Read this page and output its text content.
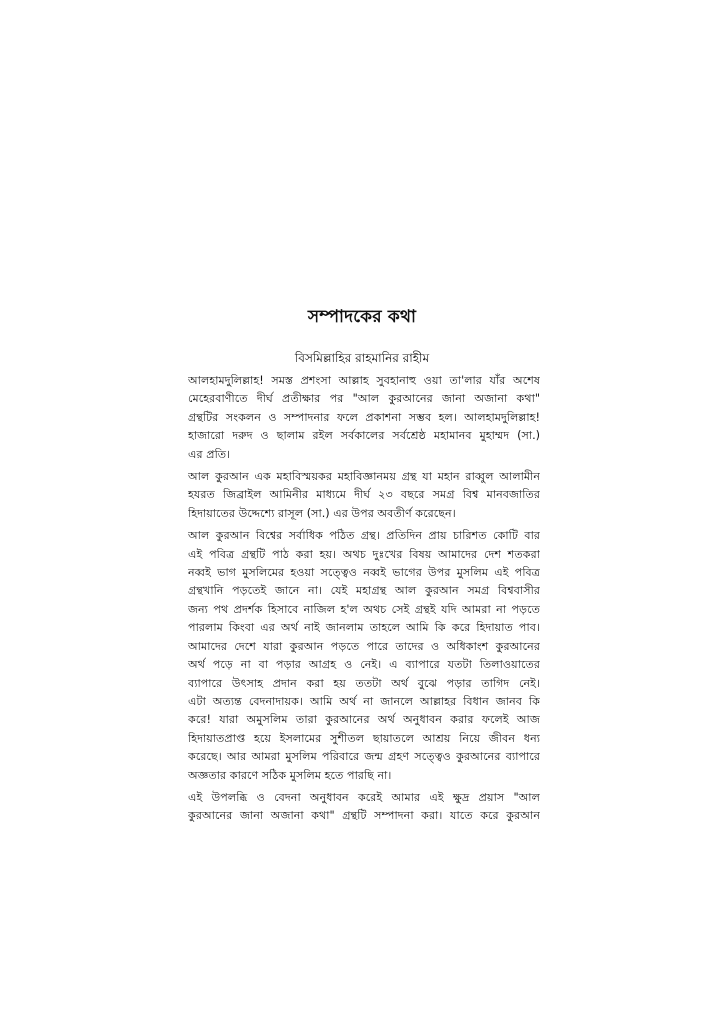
সম্পাদকের কথা
বিসমিল্লাহির রাহমানির রাহীম

আলহামদুলিল্লাহ! সমস্ত প্রশংসা আল্লাহ সুবহানাহু ওয়া তা'লার যাঁর অশেষ
মেহেরবাণীতে দীর্ঘ প্রতীক্ষার পর "আল কুরআনের জানা অজানা কথা"
গ্রন্থটির সংকলন ও সম্পাদনার ফলে প্রকাশনা সম্ভব হল। আলহামদুলিল্লাহ!
হাজারো দরুদ ও ছালাম রইল সর্বকালের সর্বশ্রেষ্ঠ মহামানব মুহাম্মদ (সা.)
এর প্রতি।

আল কুরআন এক মহাবিস্ময়কর মহাবিজ্ঞানময় গ্রন্থ যা মহান রাব্বুল আলামীন
হযরত জিব্রাইল আমিনীর মাধ্যমে দীর্ঘ ২৩ বছরে সমগ্র বিশ্ব মানবজাতির
হিদায়াতের উদ্দেশ্যে রাসূল (সা.) এর উপর অবতীর্ণ করেছেন।

আল কুরআন বিশ্বের সর্বাধিক পঠিত গ্রন্থ। প্রতিদিন প্রায় চারিশত কোটি বার
এই পবিত্র গ্রন্থটি পাঠ করা হয়। অথচ দুঃখের বিষয় আমাদের দেশ শতকরা
নব্বই ভাগ মুসলিমের হওয়া সত্ত্বেও নব্বই ভাগের উপর মুসলিম এই পবিত্র
গ্রন্থখানি পড়তেই জানে না। যেই মহাগ্রন্থ আল কুরআন সমগ্র বিশ্ববাসীর
জন্য পথ প্রদর্শক হিসাবে নাজিল হ'ল অথচ সেই গ্রন্থই যদি আমরা না পড়তে
পারলাম কিংবা এর অর্থ নাই জানলাম তাহলে আমি কি করে হিদায়াত পাব।
আমাদের দেশে যারা কুরআন পড়তে পারে তাদের ও অধিকাংশ কুরআনের
অর্থ পড়ে না বা পড়ার আগ্রহ ও নেই। এ ব্যাপারে যতটা তিলাওয়াতের
ব্যাপারে উৎসাহ প্রদান করা হয় ততটা অর্থ বুঝে পড়ার তাগিদ নেই।
এটা অত্যন্ত বেদনাদায়ক। আমি অর্থ না জানলে আল্লাহর বিধান জানব কি
করে! যারা অমুসলিম তারা কুরআনের অর্থ অনুধাবন করার ফলেই আজ
হিদায়াতপ্রাপ্ত হয়ে ইসলামের সুশীতল ছায়াতলে আশ্রয় নিয়ে জীবন ধন্য
করেছে। আর আমরা মুসলিম পরিবারে জন্ম গ্রহণ সত্ত্বেও কুরআনের ব্যাপারে
অজ্ঞতার কারণে সঠিক মুসলিম হতে পারছি না।

এই উপলব্ধি ও বেদনা অনুধাবন করেই আমার এই ক্ষুদ্র প্রয়াস "আল
কুরআনের জানা অজানা কথা" গ্রন্থটি সম্পাদনা করা। যাতে করে কুরআন
